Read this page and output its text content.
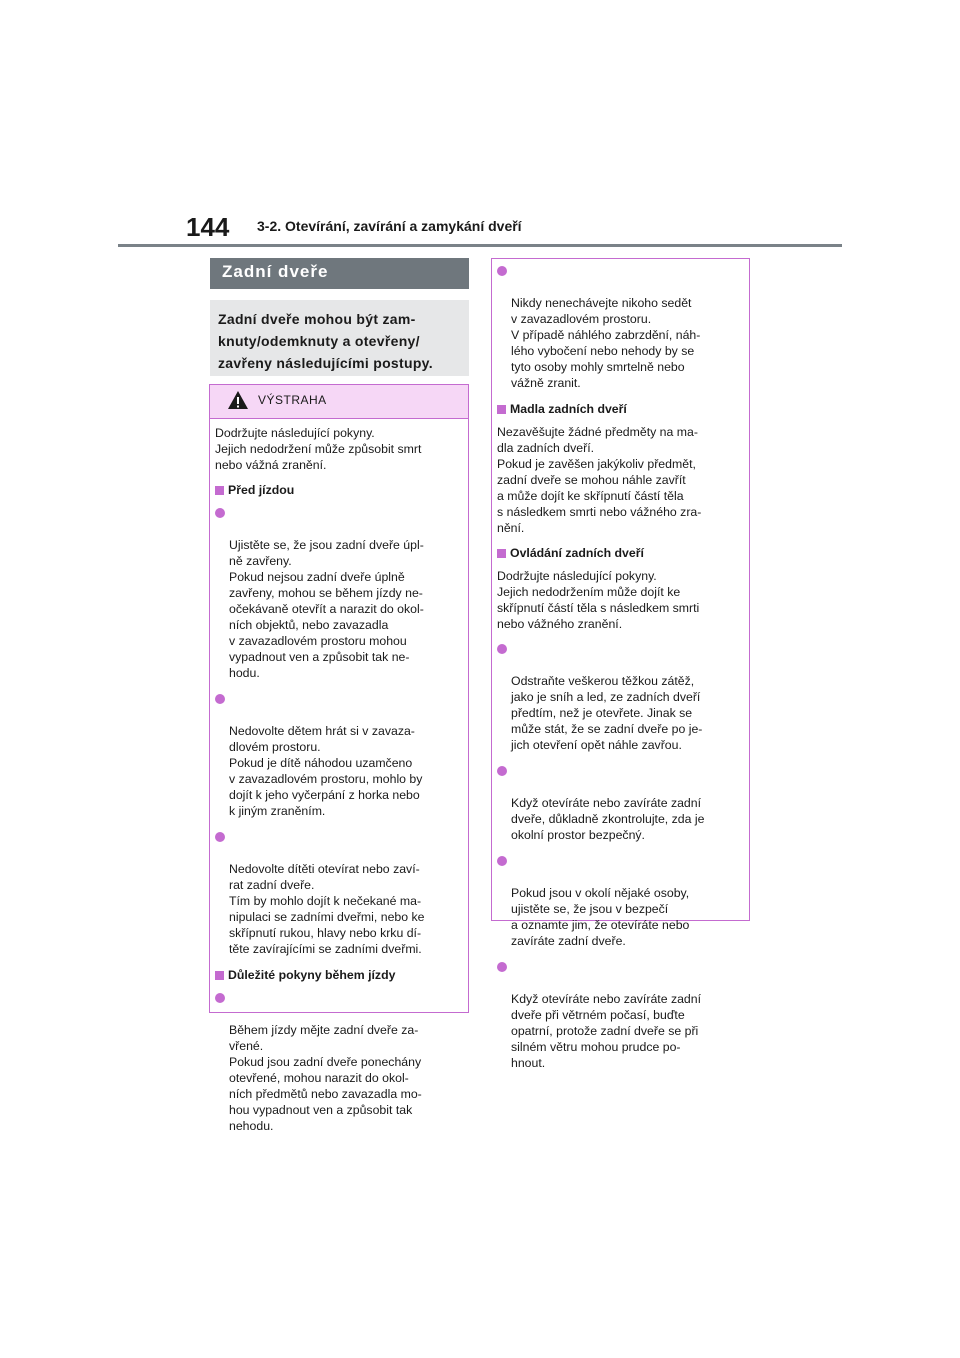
144 3-2. Otevírání, zavírání a zamykání dveří
Zadní dveře

Zadní dveře mohou být zam-
knuty/odemknuty a otevřeny/
zavřeny následujícími postupy.

VÝSTRAHA

Dodržujte následující pokyny.
Jejich nedodržení může způsobit smrt
nebo vážná zranění.

Před jízdou

Ujistěte se, že jsou zadní dveře úpl-
ně zavřeny.
Pokud nejsou zadní dveře úplně
zavřeny, mohou se během jízdy ne-
očekávaně otevřít a narazit do okol-
ních objektů, nebo zavazadla
v zavazadlovém prostoru mohou
vypadnout ven a způsobit tak ne-
hodu.

Nedovolte dětem hrát si v zavaza-
dlovém prostoru.
Pokud je dítě náhodou uzamčeno
v zavazadlovém prostoru, mohlo by
dojít k jeho vyčerpání z horka nebo
k jiným zraněním.

Nedovolte dítěti otevírat nebo zaví-
rat zadní dveře.
Tím by mohlo dojít k nečekané ma-
nipulaci se zadními dveřmi, nebo ke
skřípnutí rukou, hlavy nebo krku dí-
těte zavírajícími se zadními dveřmi.

Důležité pokyny během jízdy

Během jízdy mějte zadní dveře za-
vřené.
Pokud jsou zadní dveře ponechány
otevřené, mohou narazit do okol-
ních předmětů nebo zavazadla mo-
hou vypadnout ven a způsobit tak
nehodu.

Nikdy nenechávejte nikoho sedět
v zavazadlovém prostoru.
V případě náhlého zabrzdění, náh-
lého vybočení nebo nehody by se
tyto osoby mohly smrtelně nebo
vážně zranit.

Madla zadních dveří

Nezavěšujte žádné předměty na ma-
dla zadních dveří.
Pokud je zavěšen jakýkoliv předmět,
zadní dveře se mohou náhle zavřít
a může dojít ke skřípnutí částí těla
s následkem smrti nebo vážného zra-
nění.

Ovládání zadních dveří

Dodržujte následující pokyny.
Jejich nedodržením může dojít ke
skřípnutí částí těla s následkem smrti
nebo vážného zranění.

Odstraňte veškerou těžkou zátěž,
jako je sníh a led, ze zadních dveří
předtím, než je otevřete. Jinak se
může stát, že se zadní dveře po je-
jich otevření opět náhle zavřou.

Když otevíráte nebo zavíráte zadní
dveře, důkladně zkontrolujte, zda je
okolní prostor bezpečný.

Pokud jsou v okolí nějaké osoby,
ujistěte se, že jsou v bezpečí
a oznamte jim, že otevíráte nebo
zavíráte zadní dveře.

Když otevíráte nebo zavíráte zadní
dveře při větrném počasí, buďte
opatrní, protože zadní dveře se při
silném větru mohou prudce po-
hnout.
